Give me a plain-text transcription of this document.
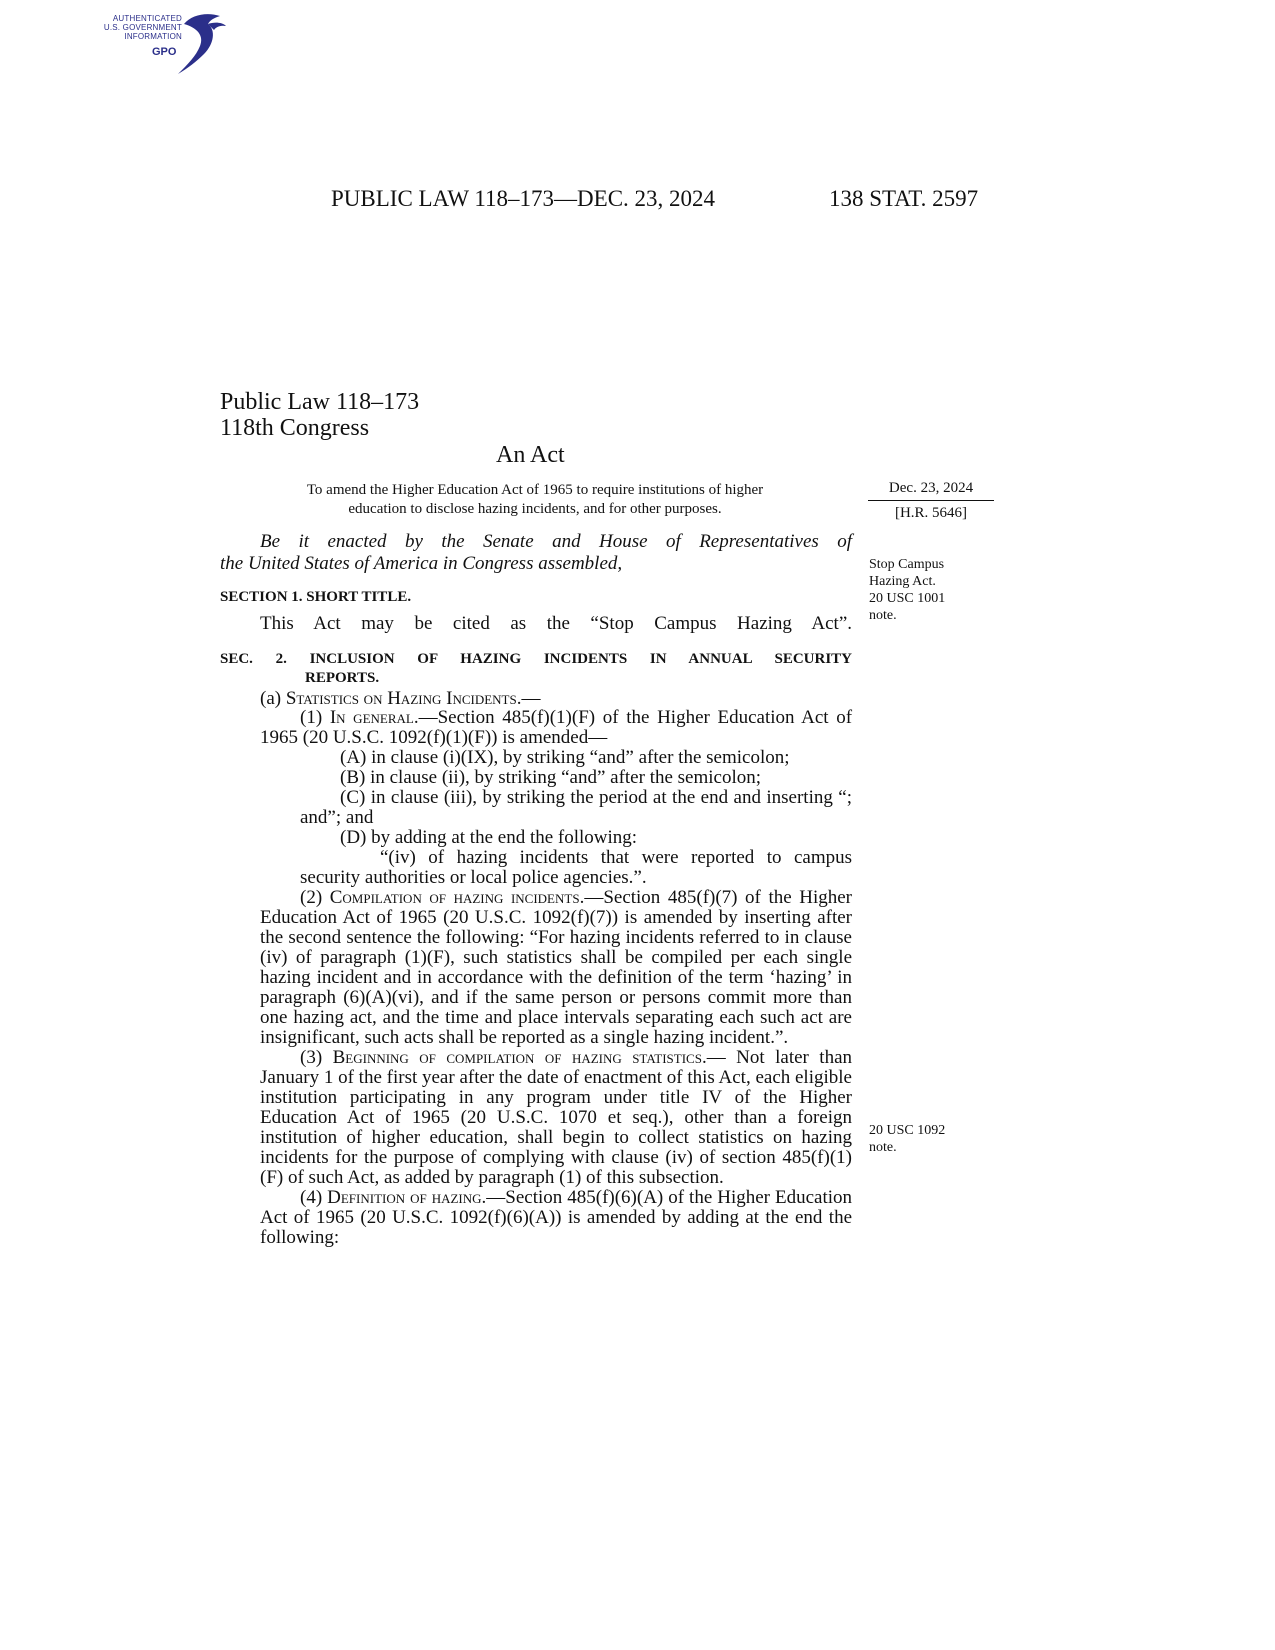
AUTHENTICATED
U.S. GOVERNMENT
INFORMATION
GPO
PUBLIC LAW 118–173—DEC. 23, 2024	138 STAT. 2597
Public Law 118–173
118th Congress
An Act
To amend the Higher Education Act of 1965 to require institutions of higher
education to disclose hazing incidents, and for other purposes.
Dec. 23, 2024
[H.R. 5646]
Be it enacted by the Senate and House of Representatives of
the United States of America in Congress assembled,	Stop Campus
Hazing Act.
20 USC 1001
note.
SECTION 1. SHORT TITLE.
This Act may be cited as the “Stop Campus Hazing Act”.
SEC. 2. INCLUSION OF HAZING INCIDENTS IN ANNUAL SECURITY
REPORTS.
(a) Statistics on Hazing Incidents.—

(1) In general.—Section 485(f)(1)(F) of the Higher Education Act of 1965 (20 U.S.C. 1092(f)(1)(F)) is amended—

(A) in clause (i)(IX), by striking “and” after the semicolon;

(B) in clause (ii), by striking “and” after the semicolon;

(C) in clause (iii), by striking the period at the end and inserting “; and”; and

(D) by adding at the end the following:

“(iv) of hazing incidents that were reported to campus security authorities or local police agencies.”.

(2) Compilation of hazing incidents.—Section 485(f)(7) of the Higher Education Act of 1965 (20 U.S.C. 1092(f)(7)) is amended by inserting after the second sentence the following: “For hazing incidents referred to in clause (iv) of paragraph (1)(F), such statistics shall be compiled per each single hazing incident and in accordance with the definition of the term ‘hazing’ in paragraph (6)(A)(vi), and if the same person or persons commit more than one hazing act, and the time and place intervals separating each such act are insignificant, such acts shall be reported as a single hazing incident.”.

(3) Beginning of compilation of hazing statistics.— Not later than January 1 of the first year after the date of enactment of this Act, each eligible institution participating in any program under title IV of the Higher Education Act of 1965 (20 U.S.C. 1070 et seq.), other than a foreign institution of higher education, shall begin to collect statistics on hazing incidents for the purpose of complying with clause (iv) of section 485(f)(1)(F) of such Act, as added by paragraph (1) of this subsection.

(4) Definition of hazing.—Section 485(f)(6)(A) of the Higher Education Act of 1965 (20 U.S.C. 1092(f)(6)(A)) is amended by adding at the end the following:

20 USC 1092
note.
